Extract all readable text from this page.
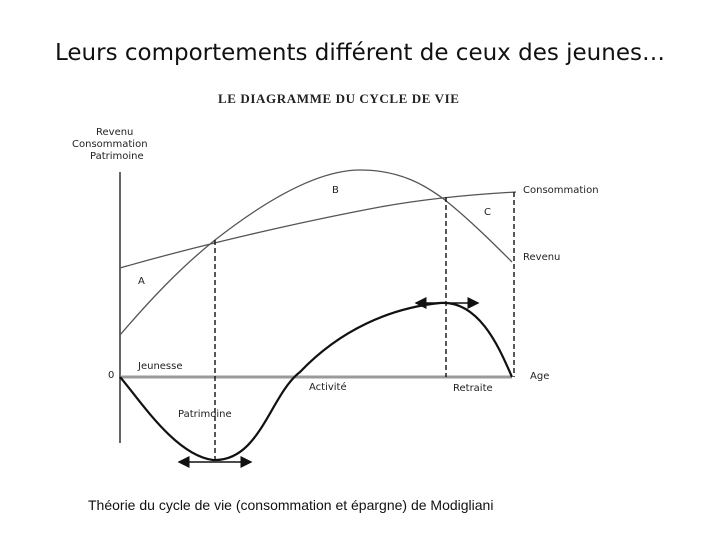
Leurs comportements différent de ceux des jeunes…
LE DIAGRAMME DU CYCLE DE VIE
Revenu
Consommation
Patrimoine
B	Consommation
C
Revenu
A
Jeunesse
0	Age
Activité	Retraite
Patrimoine
Théorie du cycle de vie (consommation et épargne) de Modigliani
